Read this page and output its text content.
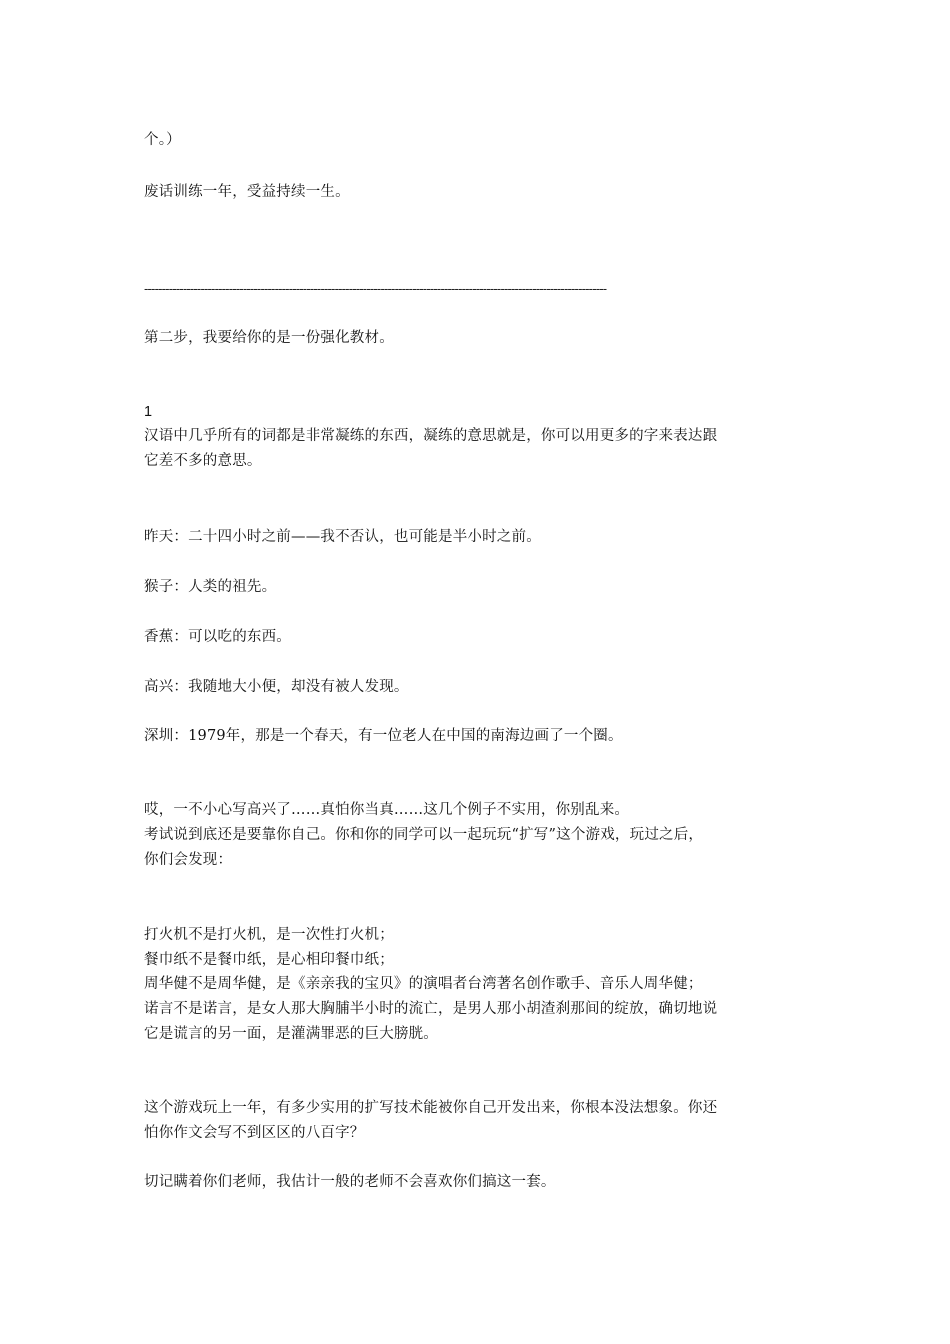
个。）
废话训练一年，受益持续一生。
-----------------------------------------------------------------------------------------------------------------------------------
第二步，我要给你的是一份强化教材。
1
汉语中几乎所有的词都是非常凝练的东西，凝练的意思就是，你可以用更多的字来表达跟
它差不多的意思。
昨天：二十四小时之前——我不否认，也可能是半小时之前。
猴子：人类的祖先。
香蕉：可以吃的东西。
高兴：我随地大小便，却没有被人发现。
深圳：1979年，那是一个春天，有一位老人在中国的南海边画了一个圈。
哎，一不小心写高兴了……真怕你当真……这几个例子不实用，你别乱来。
考试说到底还是要靠你自己。你和你的同学可以一起玩玩“扩写”这个游戏，玩过之后，
你们会发现：
打火机不是打火机，是一次性打火机；
餐巾纸不是餐巾纸，是心相印餐巾纸；
周华健不是周华健，是《亲亲我的宝贝》的演唱者台湾著名创作歌手、音乐人周华健；
诺言不是诺言，是女人那大胸脯半小时的流亡，是男人那小胡渣刹那间的绽放，确切地说
它是谎言的另一面，是灌满罪恶的巨大膀胱。
这个游戏玩上一年，有多少实用的扩写技术能被你自己开发出来，你根本没法想象。你还
怕你作文会写不到区区的八百字？
切记瞒着你们老师，我估计一般的老师不会喜欢你们搞这一套。
